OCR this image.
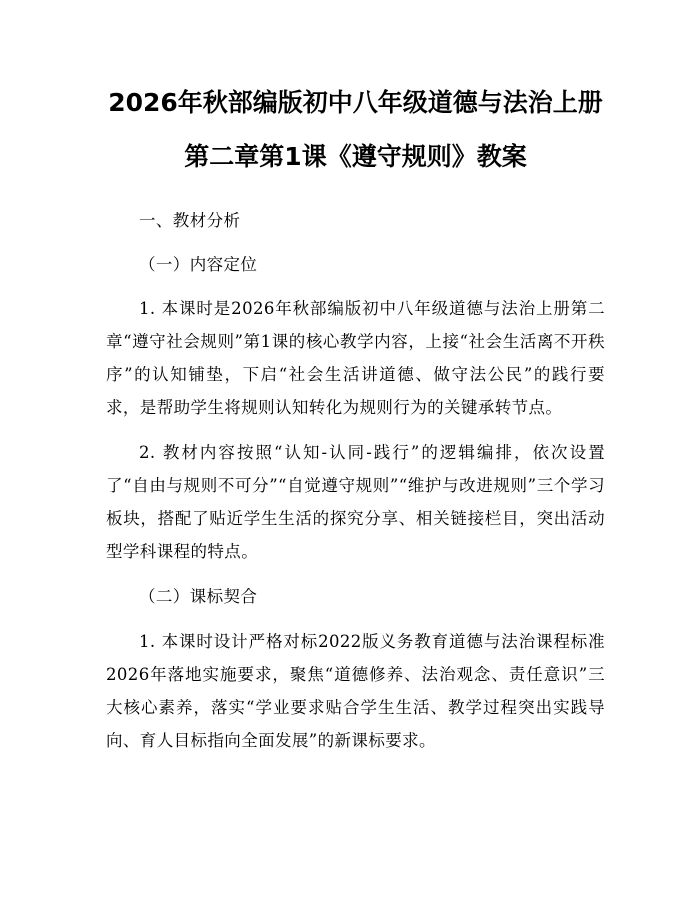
2026年秋部编版初中八年级道德与法治上册
第二章第1课《遵守规则》教案

一、教材分析

（一）内容定位

1. 本课时是2026年秋部编版初中八年级道德与法治上册第二章“遵守社会规则”第1课的核心教学内容，上接“社会生活离不开秩序”的认知铺垫，下启“社会生活讲道德、做守法公民”的践行要求，是帮助学生将规则认知转化为规则行为的关键承转节点。

2. 教材内容按照“认知-认同-践行”的逻辑编排，依次设置了“自由与规则不可分”“自觉遵守规则”“维护与改进规则”三个学习板块，搭配了贴近学生生活的探究分享、相关链接栏目，突出活动型学科课程的特点。

（二）课标契合

1. 本课时设计严格对标2022版义务教育道德与法治课程标准2026年落地实施要求，聚焦“道德修养、法治观念、责任意识”三大核心素养，落实“学业要求贴合学生生活、教学过程突出实践导向、育人目标指向全面发展”的新课标要求。
